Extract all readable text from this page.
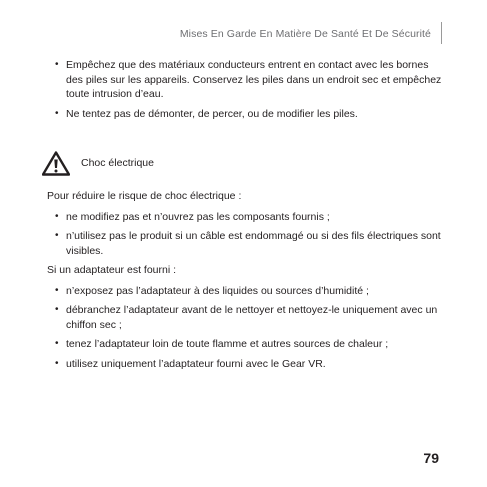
Mises En Garde En Matière De Santé Et De Sécurité
• Empêchez que des matériaux conducteurs entrent en contact avec les bornes des piles sur les appareils. Conservez les piles dans un endroit sec et empêchez toute intrusion d’eau.
• Ne tentez pas de démonter, de percer, ou de modifier les piles.
Choc électrique

Pour réduire le risque de choc électrique :

• ne modifiez pas et n’ouvrez pas les composants fournis ;
• n’utilisez pas le produit si un câble est endommagé ou si des fils électriques sont visibles.

Si un adaptateur est fourni :

• n’exposez pas l’adaptateur à des liquides ou sources d’humidité ;
• débranchez l’adaptateur avant de le nettoyer et nettoyez-le uniquement avec un chiffon sec ;
• tenez l’adaptateur loin de toute flamme et autres sources de chaleur ;
• utilisez uniquement l’adaptateur fourni avec le Gear VR.
79
